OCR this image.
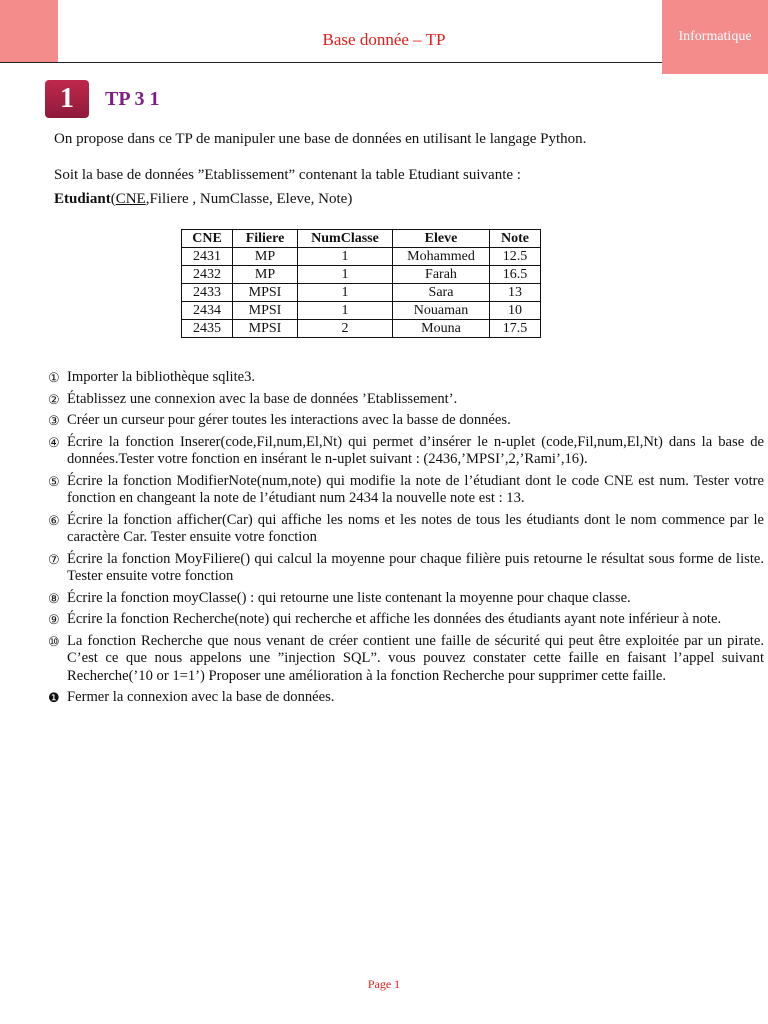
Informatique
Base donnée – TP
1	TP 3 1
On propose dans ce TP de manipuler une base de données en utilisant le langage Python.
Soit la base de données ”Etablissement” contenant la table Etudiant suivante :
Etudiant(CNE,Filiere , NumClasse, Eleve, Note)
CNE	Filiere	NumClasse	Eleve	Note
2431	MP	1	Mohammed	12.5
2432	MP	1	Farah	16.5
2433	MPSI	1	Sara	13
2434	MPSI	1	Nouaman	10
2435	MPSI	2	Mouna	17.5
① Importer la bibliothèque sqlite3.
② Établissez une connexion avec la base de données ’Etablissement’.
③ Créer un curseur pour gérer toutes les interactions avec la basse de données.
④ Écrire la fonction Inserer(code,Fil,num,El,Nt) qui permet d’insérer le n-uplet (code,Fil,num,El,Nt) dans la base de données.Tester votre fonction en insérant le n-uplet suivant : (2436,’MPSI’,2,’Rami’,16).
⑤ Écrire la fonction ModifierNote(num,note) qui modifie la note de l’étudiant dont le code CNE est num. Tester votre fonction en changeant la note de l’étudiant num 2434 la nouvelle note est : 13.
⑥ Écrire la fonction afficher(Car) qui affiche les noms et les notes de tous les étudiants dont le nom commence par le caractère Car. Tester ensuite votre fonction
⑦ Écrire la fonction MoyFiliere() qui calcul la moyenne pour chaque filière puis retourne le résultat sous forme de liste. Tester ensuite votre fonction
⑧ Écrire la fonction moyClasse() : qui retourne une liste contenant la moyenne pour chaque classe.
⑨ Écrire la fonction Recherche(note) qui recherche et affiche les données des étudiants ayant note inférieur à note.
⑩ La fonction Recherche que nous venant de créer contient une faille de sécurité qui peut être exploitée par un pirate. C’est ce que nous appelons une ”injection SQL”. vous pouvez constater cette faille en faisant l’appel suivant Recherche(’10 or 1=1’) Proposer une amélioration à la fonction Recherche pour supprimer cette faille.
❶ Fermer la connexion avec la base de données.
Page 1
